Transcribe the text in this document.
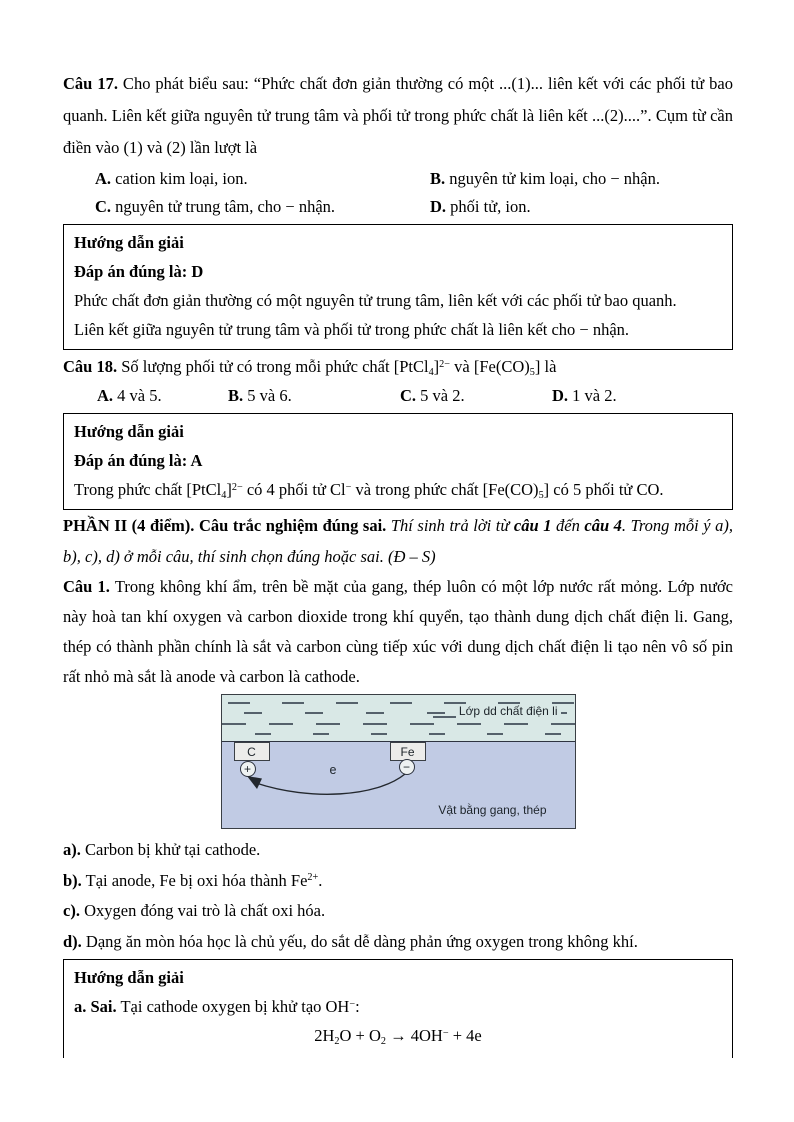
Câu 17. Cho phát biểu sau: “Phức chất đơn giản thường có một ...(1)... liên kết với các phối tử bao quanh. Liên kết giữa nguyên tử trung tâm và phối tử trong phức chất là liên kết ...(2)....”. Cụm từ cần điền vào (1) và (2) lần lượt là

A. cation kim loại, ion.	B. nguyên tử kim loại, cho − nhận.
C. nguyên tử trung tâm, cho − nhận.	D. phối tử, ion.

Hướng dẫn giải

Đáp án đúng là: D

Phức chất đơn giản thường có một nguyên tử trung tâm, liên kết với các phối tử bao quanh.

Liên kết giữa nguyên tử trung tâm và phối tử trong phức chất là liên kết cho − nhận.

Câu 18. Số lượng phối tử có trong mỗi phức chất [PtCl$_4$]$^{2-}$ và $[Fe(CO)_5]$ là

A. 4 và 5.	B. 5 và 6.	C. 5 và 2.	D. 1 và 2.

Hướng dẫn giải

Đáp án đúng là: A

Trong phức chất [PtCl$_4$]$^{2-}$ có 4 phối tử Cl− và trong phức chất $[Fe(CO)_5]$ có 5 phối tử CO.

PHẦN II (4 điểm). Câu trắc nghiệm đúng sai. Thí sinh trả lời từ câu 1 đến câu 4. Trong mỗi ý a), b), c), d) ở mỗi câu, thí sinh chọn đúng hoặc sai. (Đ – S)

Câu 1. Trong không khí ẩm, trên bề mặt của gang, thép luôn có một lớp nước rất mỏng. Lớp nước này hoà tan khí oxygen và carbon dioxide trong khí quyển, tạo thành dung dịch chất điện li. Gang, thép có thành phần chính là sắt và carbon cùng tiếp xúc với dung dịch chất điện li tạo nên vô số pin rất nhỏ mà sắt là anode và carbon là cathode.

Lớp dd chất điện li
Vật bằng gang, thép
C	Fe
+	−
e

a). Carbon bị khử tại cathode.

b). Tại anode, Fe bị oxi hóa thành $Fe^{2+}$.

c). Oxygen đóng vai trò là chất oxi hóa.

d). Dạng ăn mòn hóa học là chủ yếu, do sắt dễ dàng phản ứng oxygen trong không khí.

Hướng dẫn giải

a. Sai. Tại cathode oxygen bị khử tạo OH−:

$2H_2O + O_2 \to 4OH^- + 4e$
